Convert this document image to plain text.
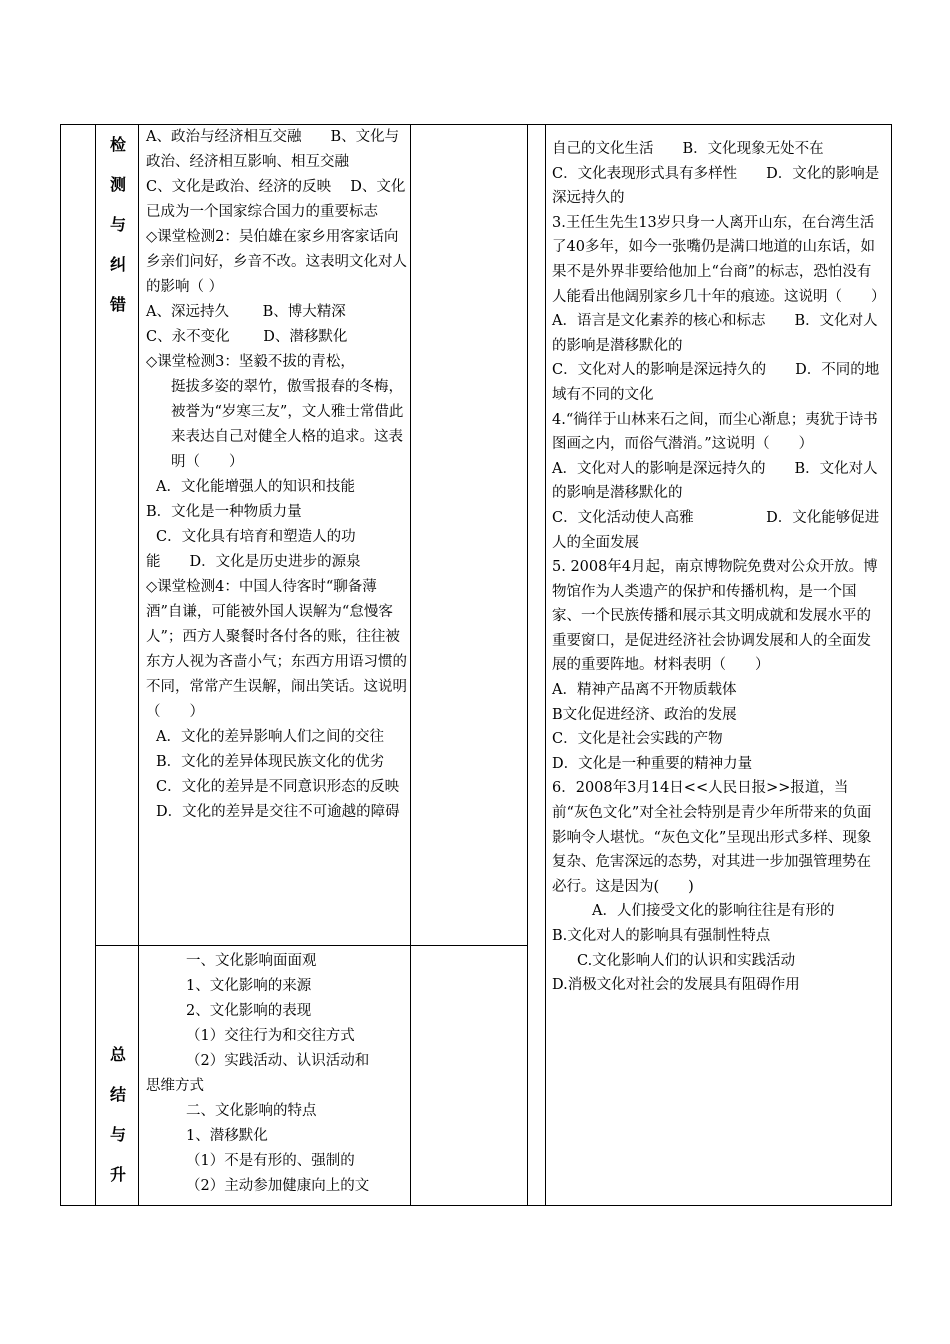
检
测
与
纠
错
总
结
与
升

A、政治与经济相互交融　　B、文化与政治、经济相互影响、相互交融　　　C、文化是政治、经济的反映　 D、文化已成为一个国家综合国力的重要标志

◇课堂检测2：吴伯雄在家乡用客家话向乡亲们问好，乡音不改。这表明文化对人的影响（ ）

A、深远持久　　 B、博大精深

C、永不变化　　 D、潜移默化

◇课堂检测3：坚毅不拔的青松，

挺拔多姿的翠竹，傲雪报春的冬梅，被誉为“岁寒三友”，文人雅士常借此来表达自己对健全人格的追求。这表明（　　）

A．文化能增强人的知识和技能

B．文化是一种物质力量

C．文化具有培育和塑造人的功

能　　D．文化是历史进步的源泉

◇课堂检测4：中国人待客时“聊备薄酒”自谦，可能被外国人误解为“怠慢客人”；西方人聚餐时各付各的账，往往被东方人视为吝啬小气；东西方用语习惯的不同，常常产生误解，闹出笑话。这说明（　　）

A．文化的差异影响人们之间的交往　　B．文化的差异体现民族文化的优劣

C．文化的差异是不同意识形态的反映　D．文化的差异是交往不可逾越的障碍

一、文化影响面面观

1、文化影响的来源

2、文化影响的表现

（1）交往行为和交往方式

（2）实践活动、认识活动和

思维方式

二、文化影响的特点

1、潜移默化

（1）不是有形的、强制的

（2）主动参加健康向上的文

自己的文化生活　　B．文化现象无处不在

C．文化表现形式具有多样性　　D．文化的影响是深远持久的

3.王任生先生13岁只身一人离开山东，在台湾生活了40多年，如今一张嘴仍是满口地道的山东话，如果不是外界非要给他加上“台商”的标志，恐怕没有人能看出他阔别家乡几十年的痕迹。这说明（　　）

A．语言是文化素养的核心和标志　　B．文化对人的影响是潜移默化的

C．文化对人的影响是深远持久的　　D．不同的地域有不同的文化

4.“徜徉于山林来石之间，而尘心渐息；夷犹于诗书图画之内，而俗气潜消。”这说明（　　）

A．文化对人的影响是深远持久的　　B．文化对人的影响是潜移默化的

C．文化活动使人高雅　　　　　D．文化能够促进人的全面发展

5. 2008年4月起，南京博物院免费对公众开放。博物馆作为人类遗产的保护和传播机构，是一个国家、一个民族传播和展示其文明成就和发展水平的重要窗口，是促进经济社会协调发展和人的全面发展的重要阵地。材料表明（　　）

A．精神产品离不开物质载体

B文化促进经济、政治的发展

C．文化是社会实践的产物

D．文化是一种重要的精神力量

6．2008年3月14日<<人民日报>>报道，当前“灰色文化”对全社会特别是青少年所带来的负面影响令人堪忧。“灰色文化”呈现出形式多样、现象复杂、危害深远的态势，对其进一步加强管理势在必行。这是因为(　　)

A．人们接受文化的影响往往是有形的

B.文化对人的影响具有强制性特点

C.文化影响人们的认识和实践活动

D.消极文化对社会的发展具有阻碍作用
